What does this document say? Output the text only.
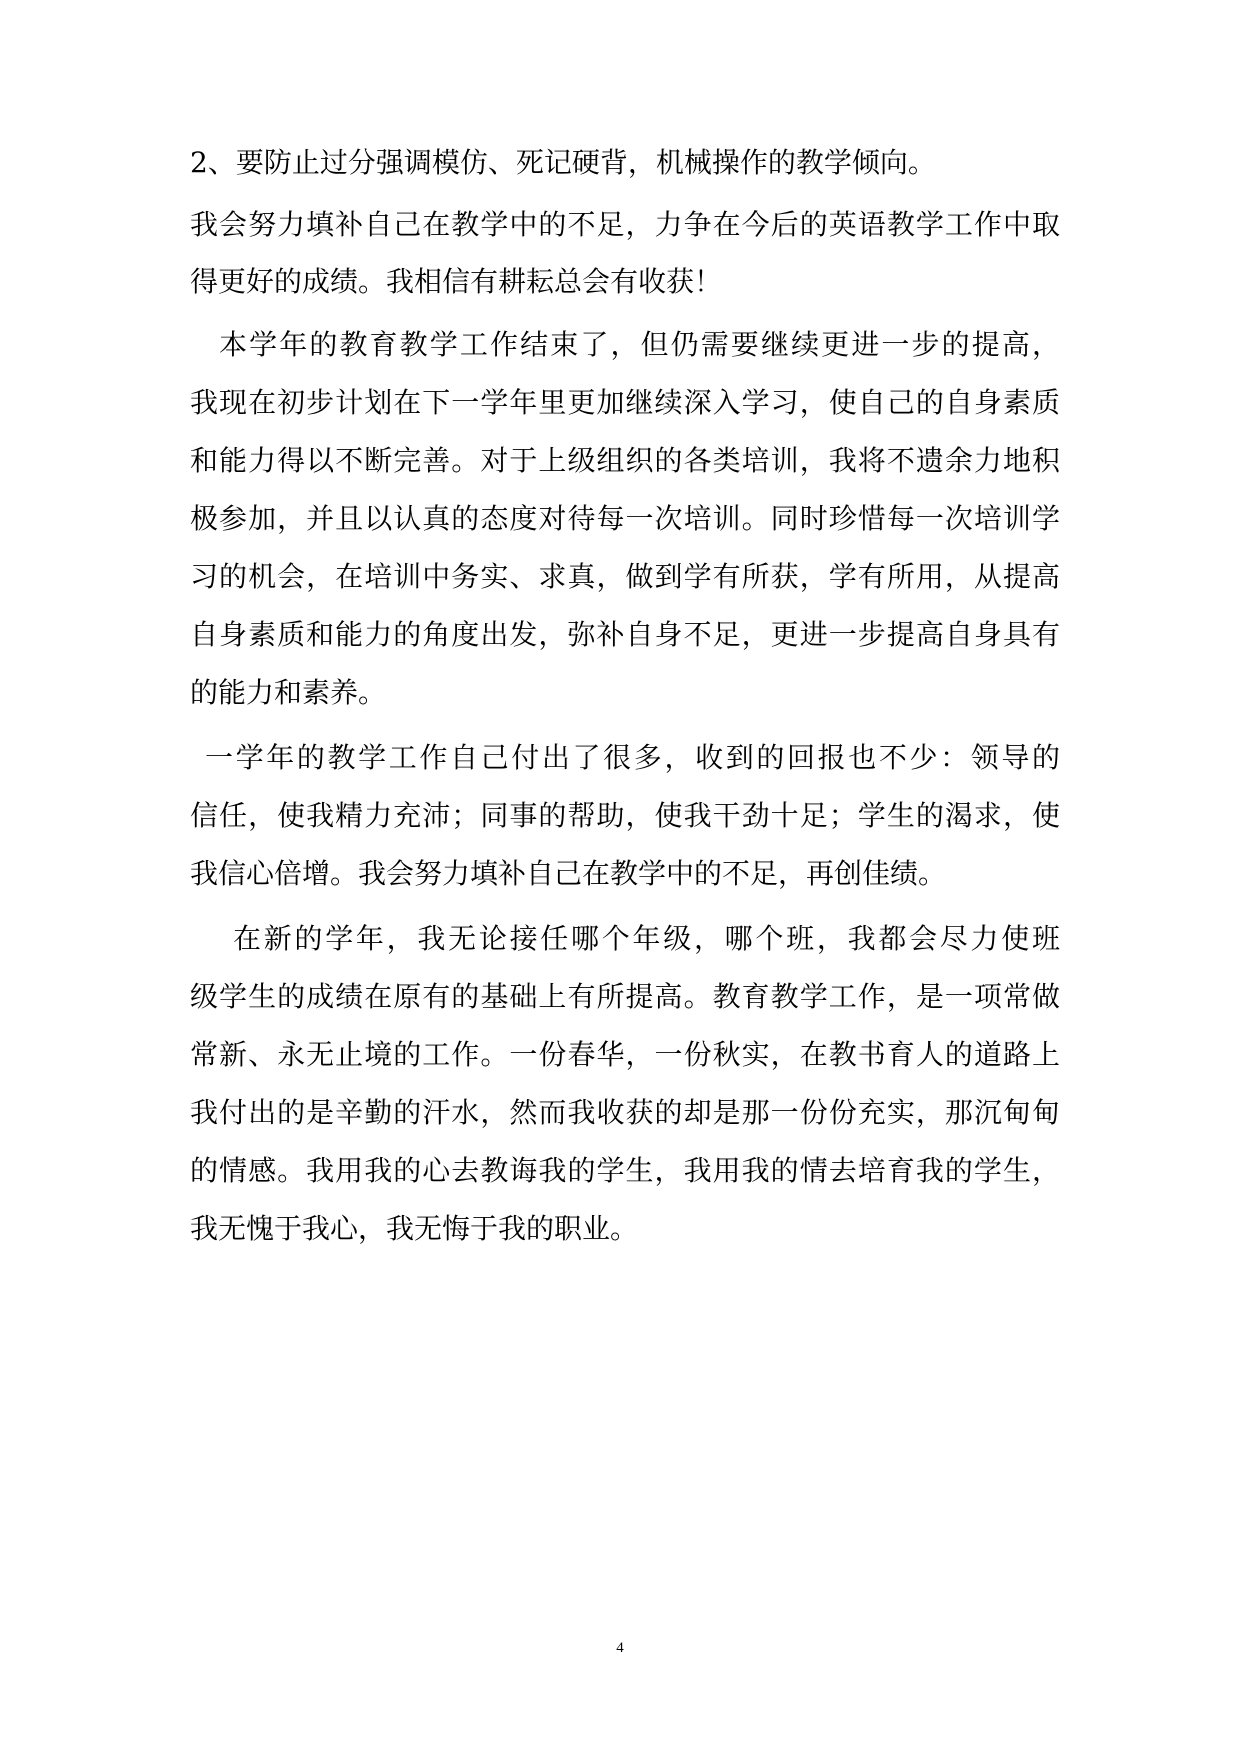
2、要防止过分强调模仿、死记硬背，机械操作的教学倾向。
我会努力填补自己在教学中的不足，力争在今后的英语教学工作中取
得更好的成绩。我相信有耕耘总会有收获！
本学年的教育教学工作结束了，但仍需要继续更进一步的提高，
我现在初步计划在下一学年里更加继续深入学习，使自己的自身素质
和能力得以不断完善。对于上级组织的各类培训，我将不遗余力地积
极参加，并且以认真的态度对待每一次培训。同时珍惜每一次培训学
习的机会，在培训中务实、求真，做到学有所获，学有所用，从提高
自身素质和能力的角度出发，弥补自身不足，更进一步提高自身具有
的能力和素养。
一学年的教学工作自己付出了很多，收到的回报也不少：领导的
信任，使我精力充沛；同事的帮助，使我干劲十足；学生的渴求，使
我信心倍增。我会努力填补自己在教学中的不足，再创佳绩。
在新的学年，我无论接任哪个年级，哪个班，我都会尽力使班
级学生的成绩在原有的基础上有所提高。教育教学工作，是一项常做
常新、永无止境的工作。一份春华，一份秋实，在教书育人的道路上
我付出的是辛勤的汗水，然而我收获的却是那一份份充实，那沉甸甸
的情感。我用我的心去教诲我的学生，我用我的情去培育我的学生，
我无愧于我心，我无悔于我的职业。
4
